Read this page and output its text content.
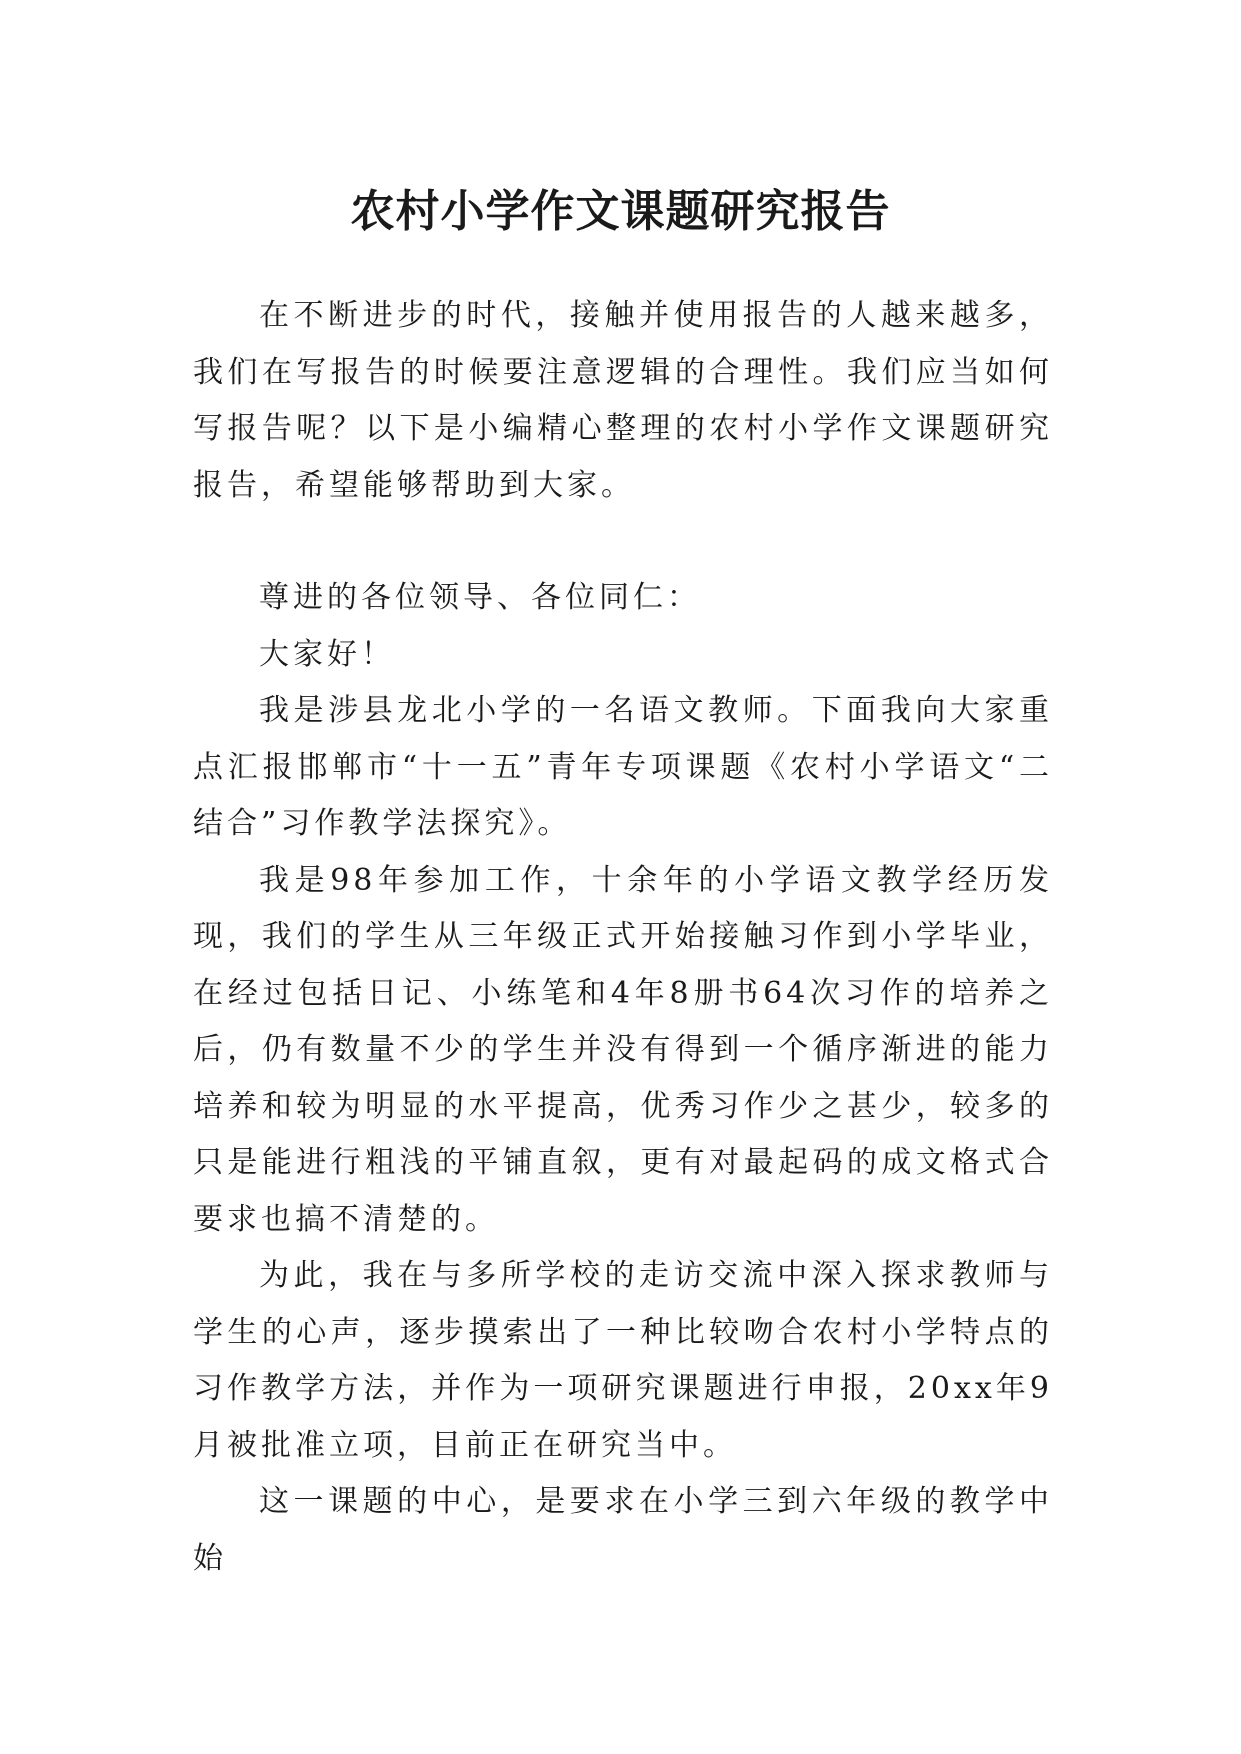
农村小学作文课题研究报告

在不断进步的时代，接触并使用报告的人越来越多，我们在写报告的时候要注意逻辑的合理性。我们应当如何写报告呢？以下是小编精心整理的农村小学作文课题研究报告，希望能够帮助到大家。

尊进的各位领导、各位同仁：

大家好！

我是涉县龙北小学的一名语文教师。下面我向大家重点汇报邯郸市“十一五”青年专项课题《农村小学语文“二结合”习作教学法探究》。

我是98年参加工作，十余年的小学语文教学经历发现，我们的学生从三年级正式开始接触习作到小学毕业，在经过包括日记、小练笔和4年8册书64次习作的培养之后，仍有数量不少的学生并没有得到一个循序渐进的能力培养和较为明显的水平提高，优秀习作少之甚少，较多的只是能进行粗浅的平铺直叙，更有对最起码的成文格式合要求也搞不清楚的。

为此，我在与多所学校的走访交流中深入探求教师与学生的心声，逐步摸索出了一种比较吻合农村小学特点的习作教学方法，并作为一项研究课题进行申报，20xx年9月被批准立项，目前正在研究当中。

这一课题的中心，是要求在小学三到六年级的教学中始
